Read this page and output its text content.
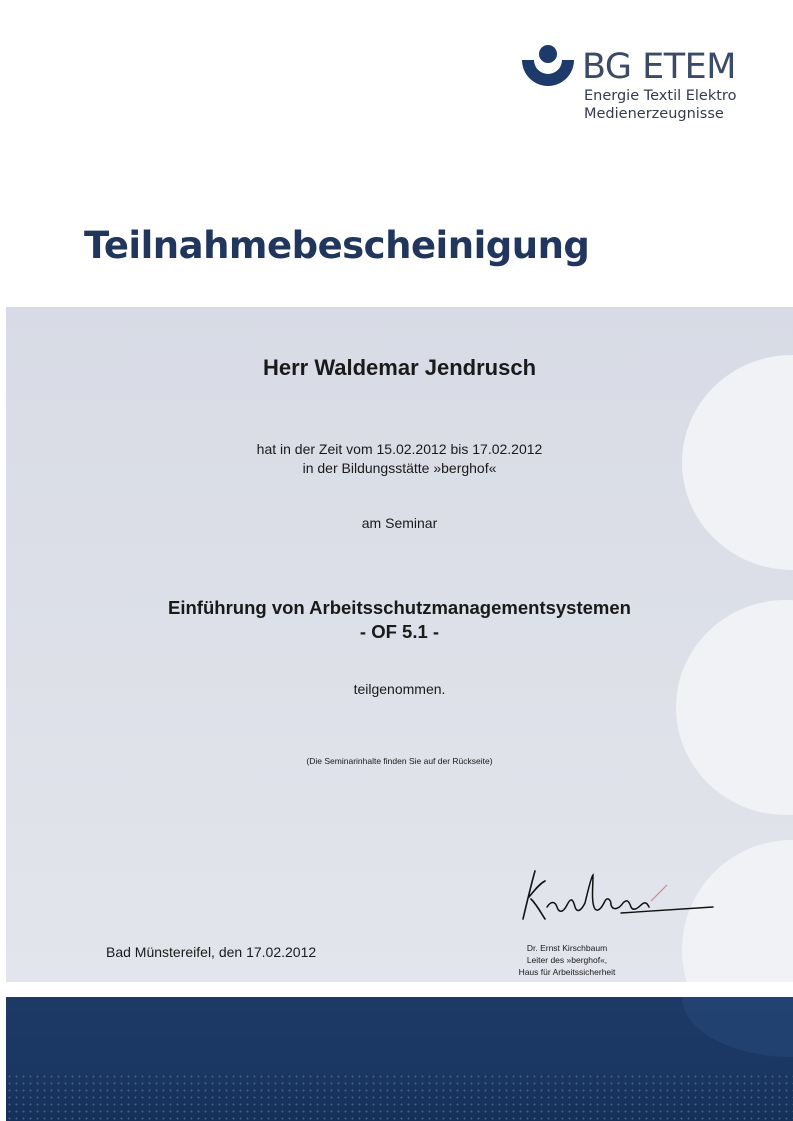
BG ETEM
Energie Textil Elektro
Medienerzeugnisse
Teilnahmebescheinigung

Herr Waldemar Jendrusch

hat in der Zeit vom 15.02.2012 bis 17.02.2012

in der Bildungsstätte »berghof«

am Seminar

Einführung von Arbeitsschutzmanagementsystemen

- OF 5.1 -

teilgenommen.

(Die Seminarinhalte finden Sie auf der Rückseite)

Bad Münstereifel, den 17.02.2012	Dr. Ernst Kirschbaum
Leiter des »berghof«,
Haus für Arbeitssicherheit
